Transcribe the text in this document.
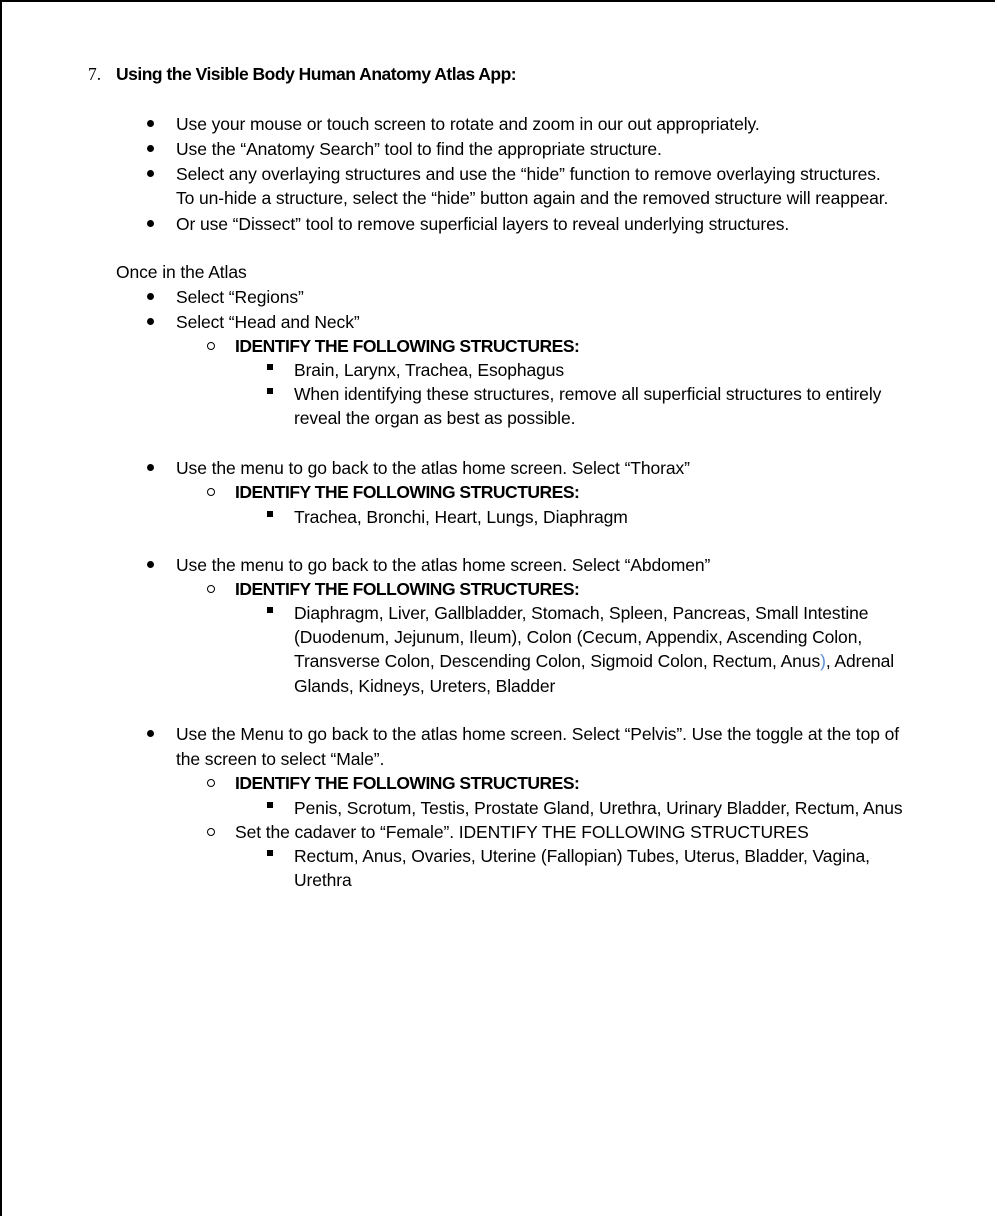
7. Using the Visible Body Human Anatomy Atlas App:
Use your mouse or touch screen to rotate and zoom in our out appropriately.
Use the “Anatomy Search” tool to find the appropriate structure.
Select any overlaying structures and use the “hide” function to remove overlaying structures.
To un-hide a structure, select the “hide” button again and the removed structure will reappear.
Or use “Dissect” tool to remove superficial layers to reveal underlying structures.
Once in the Atlas
Select “Regions”
Select “Head and Neck”
IDENTIFY THE FOLLOWING STRUCTURES:
Brain, Larynx, Trachea, Esophagus
When identifying these structures, remove all superficial structures to entirely
reveal the organ as best as possible.
Use the menu to go back to the atlas home screen. Select “Thorax”
IDENTIFY THE FOLLOWING STRUCTURES:
Trachea, Bronchi, Heart, Lungs, Diaphragm
Use the menu to go back to the atlas home screen. Select “Abdomen”
IDENTIFY THE FOLLOWING STRUCTURES:
Diaphragm, Liver, Gallbladder, Stomach, Spleen, Pancreas, Small Intestine
(Duodenum, Jejunum, Ileum), Colon (Cecum, Appendix, Ascending Colon,
Transverse Colon, Descending Colon, Sigmoid Colon, Rectum, Anus), Adrenal
Glands, Kidneys, Ureters, Bladder
Use the Menu to go back to the atlas home screen. Select “Pelvis”. Use the toggle at the top of
the screen to select “Male”.
IDENTIFY THE FOLLOWING STRUCTURES:
Penis, Scrotum, Testis, Prostate Gland, Urethra, Urinary Bladder, Rectum, Anus
Set the cadaver to “Female”. IDENTIFY THE FOLLOWING STRUCTURES
Rectum, Anus, Ovaries, Uterine (Fallopian) Tubes, Uterus, Bladder, Vagina,
Urethra
